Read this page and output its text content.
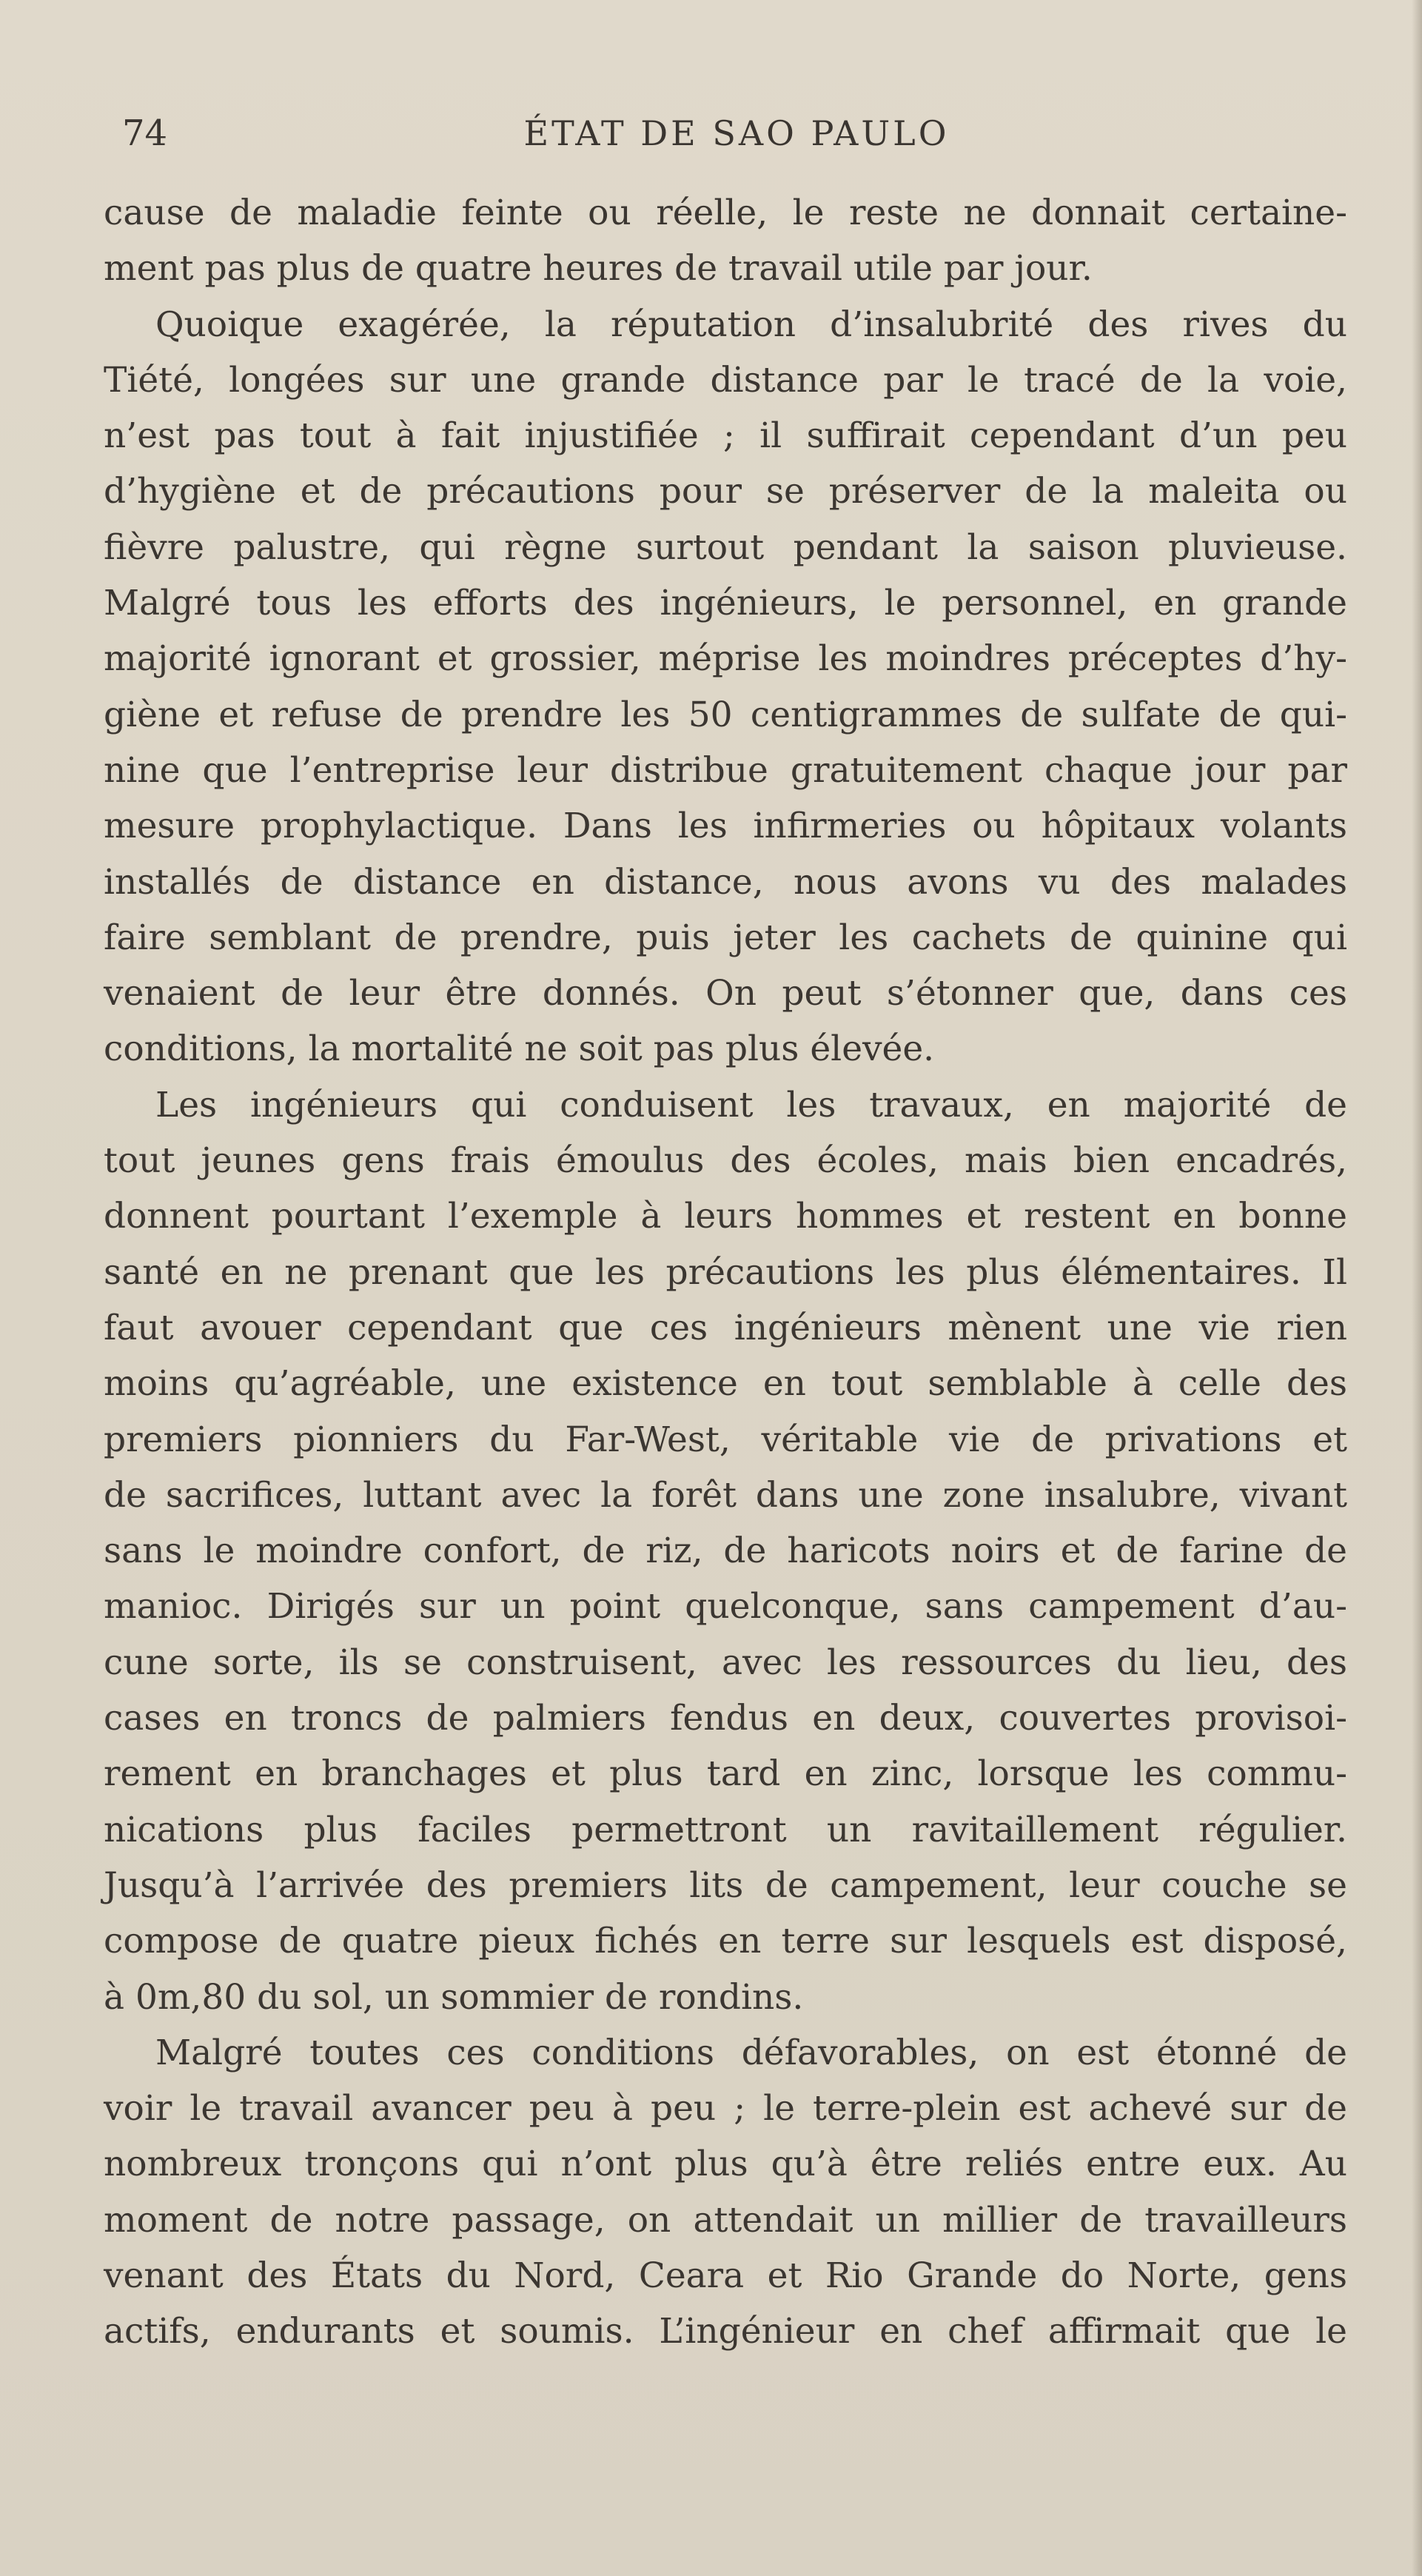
74	ÉTAT DE SAO PAULO
cause de maladie feinte ou réelle, le reste ne donnait certaine-
ment pas plus de quatre heures de travail utile par jour.
Quoique exagérée, la réputation d’insalubrité des rives du
Tiété, longées sur une grande distance par le tracé de la voie,
n’est pas tout à fait injustifiée ; il suffirait cependant d’un peu
d’hygiène et de précautions pour se préserver de la maleita ou
fièvre palustre, qui règne surtout pendant la saison pluvieuse.
Malgré tous les efforts des ingénieurs, le personnel, en grande
majorité ignorant et grossier, méprise les moindres préceptes d’hy-
giène et refuse de prendre les 50 centigrammes de sulfate de qui-
nine que l’entreprise leur distribue gratuitement chaque jour par
mesure prophylactique. Dans les infirmeries ou hôpitaux volants
installés de distance en distance, nous avons vu des malades
faire semblant de prendre, puis jeter les cachets de quinine qui
venaient de leur être donnés. On peut s’étonner que, dans ces
conditions, la mortalité ne soit pas plus élevée.
Les ingénieurs qui conduisent les travaux, en majorité de
tout jeunes gens frais émoulus des écoles, mais bien encadrés,
donnent pourtant l’exemple à leurs hommes et restent en bonne
santé en ne prenant que les précautions les plus élémentaires. Il
faut avouer cependant que ces ingénieurs mènent une vie rien
moins qu’agréable, une existence en tout semblable à celle des
premiers pionniers du Far-West, véritable vie de privations et
de sacrifices, luttant avec la forêt dans une zone insalubre, vivant
sans le moindre confort, de riz, de haricots noirs et de farine de
manioc. Dirigés sur un point quelconque, sans campement d’au-
cune sorte, ils se construisent, avec les ressources du lieu, des
cases en troncs de palmiers fendus en deux, couvertes provisoi-
rement en branchages et plus tard en zinc, lorsque les commu-
nications plus faciles permettront un ravitaillement régulier.
Jusqu’à l’arrivée des premiers lits de campement, leur couche se
compose de quatre pieux fichés en terre sur lesquels est disposé,
à 0m,80 du sol, un sommier de rondins.
Malgré toutes ces conditions défavorables, on est étonné de
voir le travail avancer peu à peu ; le terre-plein est achevé sur de
nombreux tronçons qui n’ont plus qu’à être reliés entre eux. Au
moment de notre passage, on attendait un millier de travailleurs
venant des États du Nord, Ceara et Rio Grande do Norte, gens
actifs, endurants et soumis. L’ingénieur en chef affirmait que le
